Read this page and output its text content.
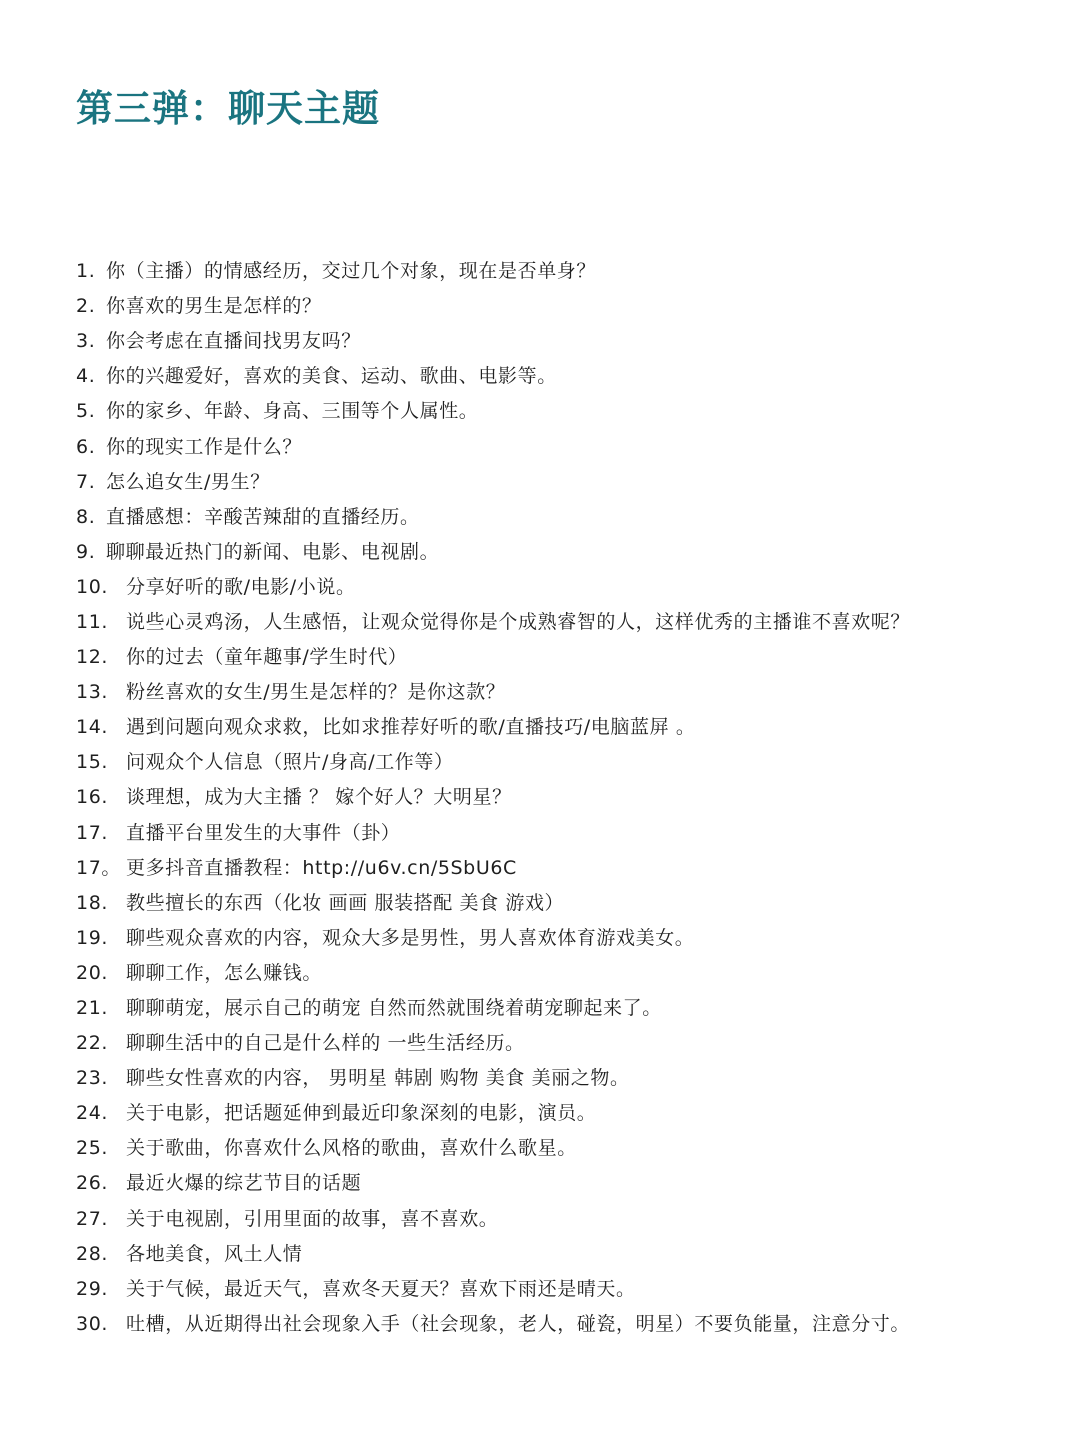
第三弹：聊天主题
1. 你（主播）的情感经历，交过几个对象，现在是否单身？
2. 你喜欢的男生是怎样的？
3. 你会考虑在直播间找男友吗？
4. 你的兴趣爱好，喜欢的美食、运动、歌曲、电影等。
5. 你的家乡、年龄、身高、三围等个人属性。
6. 你的现实工作是什么？
7. 怎么追女生/男生？
8. 直播感想：辛酸苦辣甜的直播经历。
9. 聊聊最近热门的新闻、电影、电视剧。
10. 分享好听的歌/电影/小说。
11. 说些心灵鸡汤，人生感悟，让观众觉得你是个成熟睿智的人，这样优秀的主播谁不喜欢呢？
12. 你的过去（童年趣事/学生时代）
13. 粉丝喜欢的女生/男生是怎样的？是你这款？
14. 遇到问题向观众求救，比如求推荐好听的歌/直播技巧/电脑蓝屏 。
15. 问观众个人信息（照片/身高/工作等）
16. 谈理想，成为大主播 ？ 嫁个好人？大明星？
17. 直播平台里发生的大事件（卦）
17。 更多抖音直播教程：http://u6v.cn/5SbU6C
18. 教些擅长的东西（化妆 画画 服装搭配 美食 游戏）
19. 聊些观众喜欢的内容，观众大多是男性，男人喜欢体育游戏美女。
20. 聊聊工作，怎么赚钱。
21. 聊聊萌宠，展示自己的萌宠 自然而然就围绕着萌宠聊起来了。
22. 聊聊生活中的自己是什么样的 一些生活经历。
23. 聊些女性喜欢的内容， 男明星 韩剧 购物 美食 美丽之物。
24. 关于电影，把话题延伸到最近印象深刻的电影，演员。
25. 关于歌曲，你喜欢什么风格的歌曲，喜欢什么歌星。
26. 最近火爆的综艺节目的话题
27. 关于电视剧，引用里面的故事，喜不喜欢。
28. 各地美食，风土人情
29. 关于气候，最近天气，喜欢冬天夏天？喜欢下雨还是晴天。
30. 吐槽，从近期得出社会现象入手（社会现象，老人，碰瓷，明星）不要负能量，注意分寸。
